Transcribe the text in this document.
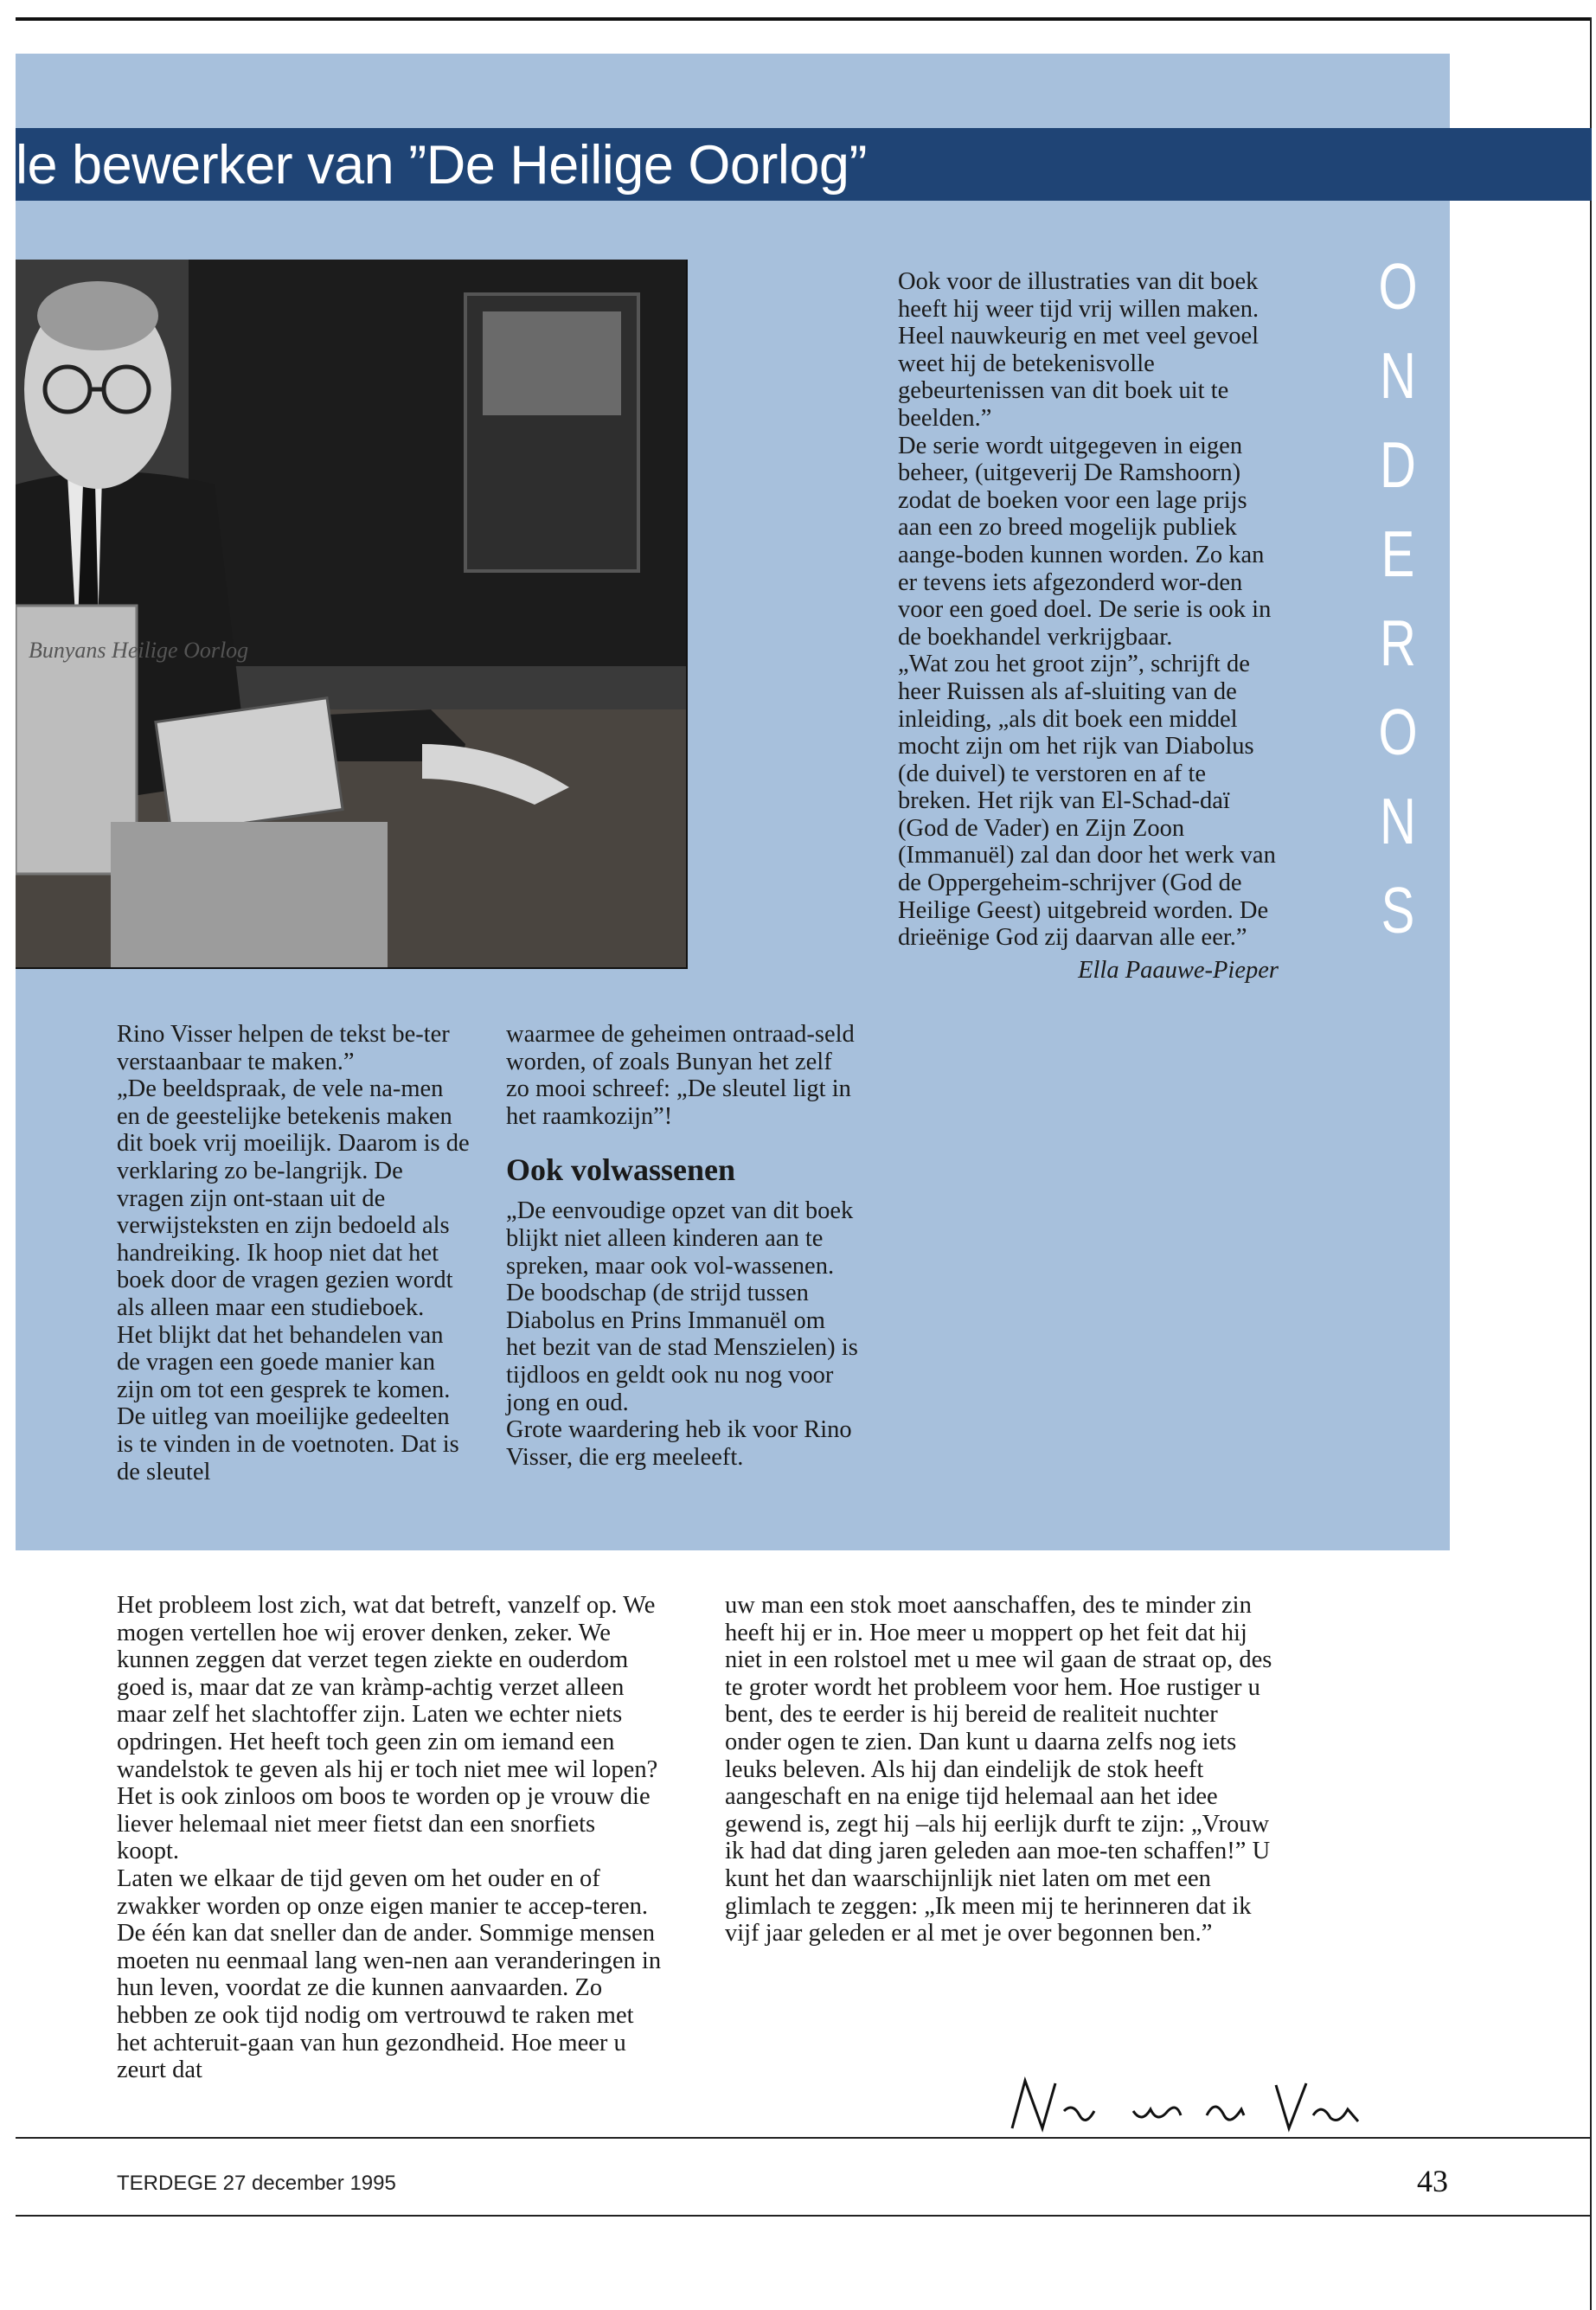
le bewerker van ”De Heilige Oorlog”
Bunyans Heilige Oorlog
O
N
D
E
R
O
N
S

Rino Visser helpen de tekst be-ter verstaanbaar te maken.”

„De beeldspraak, de vele na-men en de geestelijke betekenis maken dit boek vrij moeilijk. Daarom is de verklaring zo be-langrijk. De vragen zijn ont-staan uit de verwijsteksten en zijn bedoeld als handreiking. Ik hoop niet dat het boek door de vragen gezien wordt als alleen maar een studieboek.

Het blijkt dat het behandelen van de vragen een goede manier kan zijn om tot een gesprek te komen. De uitleg van moeilijke gedeelten is te vinden in de voetnoten. Dat is de sleutel

waarmee de geheimen ontraad-seld worden, of zoals Bunyan het zelf zo mooi schreef: „De sleutel ligt in het raamkozijn”!

Ook volwassenen

„De eenvoudige opzet van dit boek blijkt niet alleen kinderen aan te spreken, maar ook vol-wassenen. De boodschap (de strijd tussen Diabolus en Prins Immanuël om het bezit van de stad Menszielen) is tijdloos en geldt ook nu nog voor jong en oud.

Grote waardering heb ik voor Rino Visser, die erg meeleeft.

Ook voor de illustraties van dit boek heeft hij weer tijd vrij willen maken. Heel nauwkeurig en met veel gevoel weet hij de betekenisvolle gebeurtenissen van dit boek uit te beelden.”

De serie wordt uitgegeven in eigen beheer, (uitgeverij De Ramshoorn) zodat de boeken voor een lage prijs aan een zo breed mogelijk publiek aange-boden kunnen worden. Zo kan er tevens iets afgezonderd wor-den voor een goed doel. De serie is ook in de boekhandel verkrijgbaar.

„Wat zou het groot zijn”, schrijft de heer Ruissen als af-sluiting van de inleiding, „als dit boek een middel mocht zijn om het rijk van Diabolus (de duivel) te verstoren en af te breken. Het rijk van El-Schad-daï (God de Vader) en Zijn Zoon (Immanuël) zal dan door het werk van de Oppergeheim-schrijver (God de Heilige Geest) uitgebreid worden. De drieënige God zij daarvan alle eer.”

Ella Paauwe-Pieper

Het probleem lost zich, wat dat betreft, vanzelf op. We mogen vertellen hoe wij erover denken, zeker. We kunnen zeggen dat verzet tegen ziekte en ouderdom goed is, maar dat ze van kràmp-achtig verzet alleen maar zelf het slachtoffer zijn. Laten we echter niets opdringen. Het heeft toch geen zin om iemand een wandelstok te geven als hij er toch niet mee wil lopen? Het is ook zinloos om boos te worden op je vrouw die liever helemaal niet meer fietst dan een snorfiets koopt.

Laten we elkaar de tijd geven om het ouder en of zwakker worden op onze eigen manier te accep-teren. De één kan dat sneller dan de ander. Sommige mensen moeten nu eenmaal lang wen-nen aan veranderingen in hun leven, voordat ze die kunnen aanvaarden. Zo hebben ze ook tijd nodig om vertrouwd te raken met het achteruit-gaan van hun gezondheid. Hoe meer u zeurt dat

uw man een stok moet aanschaffen, des te minder zin heeft hij er in. Hoe meer u moppert op het feit dat hij niet in een rolstoel met u mee wil gaan de straat op, des te groter wordt het probleem voor hem. Hoe rustiger u bent, des te eerder is hij bereid de realiteit nuchter onder ogen te zien. Dan kunt u daarna zelfs nog iets leuks beleven. Als hij dan eindelijk de stok heeft aangeschaft en na enige tijd helemaal aan het idee gewend is, zegt hij –als hij eerlijk durft te zijn: „Vrouw ik had dat ding jaren geleden aan moe-ten schaffen!” U kunt het dan waarschijnlijk niet laten om met een glimlach te zeggen: „Ik meen mij te herinneren dat ik vijf jaar geleden er al met je over begonnen ben.”

Nico van der Voet
TERDEGE 27 december 1995	43
